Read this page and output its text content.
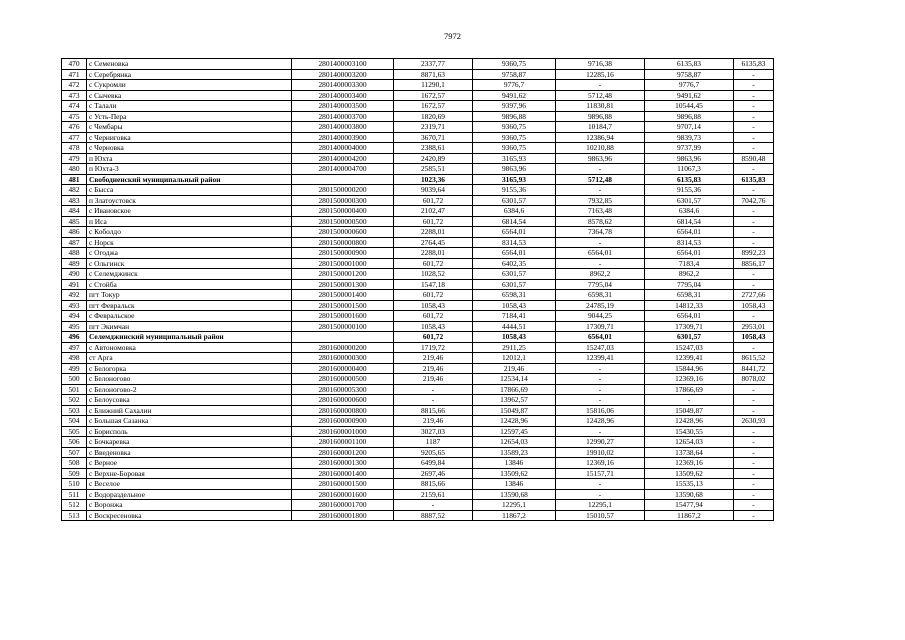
7972
470	с Семеновка	2801400003100	2337,77	9360,75	9716,38	6135,83	6135,83
471	с Серебрянка	2801400003200	8871,63	9758,87	12285,16	9758,87	-
472	с Сукромли	2801400003300	11290,1	9776,7	-	9776,7	-
473	с Сычевка	2801400003400	1672,57	9491,62	5712,48	9491,62	-
474	с Талали	2801400003500	1672,57	9397,96	11830,81	10544,45	-
475	с Усть-Пера	2801400003700	1820,69	9896,88	9896,88	9896,88	-
476	с Чембары	2801400003800	2319,71	9360,75	10184,7	9707,14	-
477	с Черниговка	2801400003900	3670,71	9360,75	12386,94	9839,73	-
478	с Черновка	2801400004000	2388,61	9360,75	10210,88	9737,99	-
479	п Юхта	2801400004200	2420,89	3165,93	9863,96	9863,96	8590,48
480	п Юхта-3	2801400004700	2585,51	9863,96	-	11067,3	-
481	Свободненский муниципальный район		1023,36	3165,93	5712,48	6135,83	6135,83
482	с Бысса	2801500000200	9039,64	9155,36	-	9155,36	-
483	п Златоустовск	2801500000300	601,72	6301,57	7932,85	6301,57	7042,76
484	с Ивановское	2801500000400	2102,47	6384,6	7163,48	6384,6	-
485	п Иса	2801500000500	601,72	6814,54	8578,62	6814,54	-
486	с Коболдо	2801500000600	2288,01	6564,01	7364,78	6564,01	-
487	с Норск	2801500000800	2764,45	8314,53	-	8314,53	-
488	с Огоджа	2801500000900	2288,01	6564,01	6564,01	6564,01	8992,23
489	с Ольгинск	2801500001000	601,72	6402,35	-	7183,4	8856,17
490	с Селемджинск	2801500001200	1028,52	6301,57	8962,2	8962,2	-
491	с Стойба	2801500001300	1547,18	6301,57	7795,04	7795,04	-
492	пгт Токур	2801500001400	601,72	6598,31	6598,31	6598,31	2727,66
493	пгт Февральск	2801500001500	1058,43	1058,43	24785,19	14812,33	1058,43
494	с Февральское	2801500001600	601,72	7184,41	9044,25	6564,01	-
495	пгт Экимчан	2801500000100	1058,43	4444,51	17309,71	17309,71	2953,01
496	Селемджинский муниципальный район		601,72	1058,43	6564,01	6301,57	1058,43
497	с Автономовка	2801600000200	1719,72	2911,25	15247,03	15247,03	-
498	ст Арга	2801600000300	219,46	12012,1	12399,41	12399,41	8615,52
499	с Белогорка	2801600000400	219,46	219,46	-	15844,96	8441,72
500	с Белоногово	2801600000500	219,46	12534,14	-	12369,16	8078,02
501	с Белоногово-2	2801600005300	-	17866,69	-	17866,69	-
502	с Белоусовка	2801600000600	-	13962,57	-	-	-
503	с Ближний Сахалин	2801600000800	8815,66	15049,87	15816,06	15049,87	-
504	с Большая Сазанка	2801600000900	219,46	12428,96	12428,96	12428,96	2630,93
505	с Борисполь	2801600001000	3027,03	12597,45	-	15430,55	-
506	с Бочкаревка	2801600001100	1187	12654,03	12990,27	12654,03	-
507	с Введеновка	2801600001200	9205,65	13589,23	19910,02	13738,64	-
508	с Верное	2801600001300	6499,84	13846	12369,16	12369,16	-
509	с Верхне-Боровая	2801600001400	2697,46	13509,62	15157,71	13509,62	-
510	с Веселое	2801600001500	8815,66	13846	-	15535,13	-
511	с Водораздельное	2801600001600	2159,61	13590,68	-	13590,68	-
512	с Воронжа	2801600001700	-	12295,1	12295,1	15477,94	-
513	с Воскресеновка	2801600001800	8887,52	11867,2	15010,57	11867,2	-
